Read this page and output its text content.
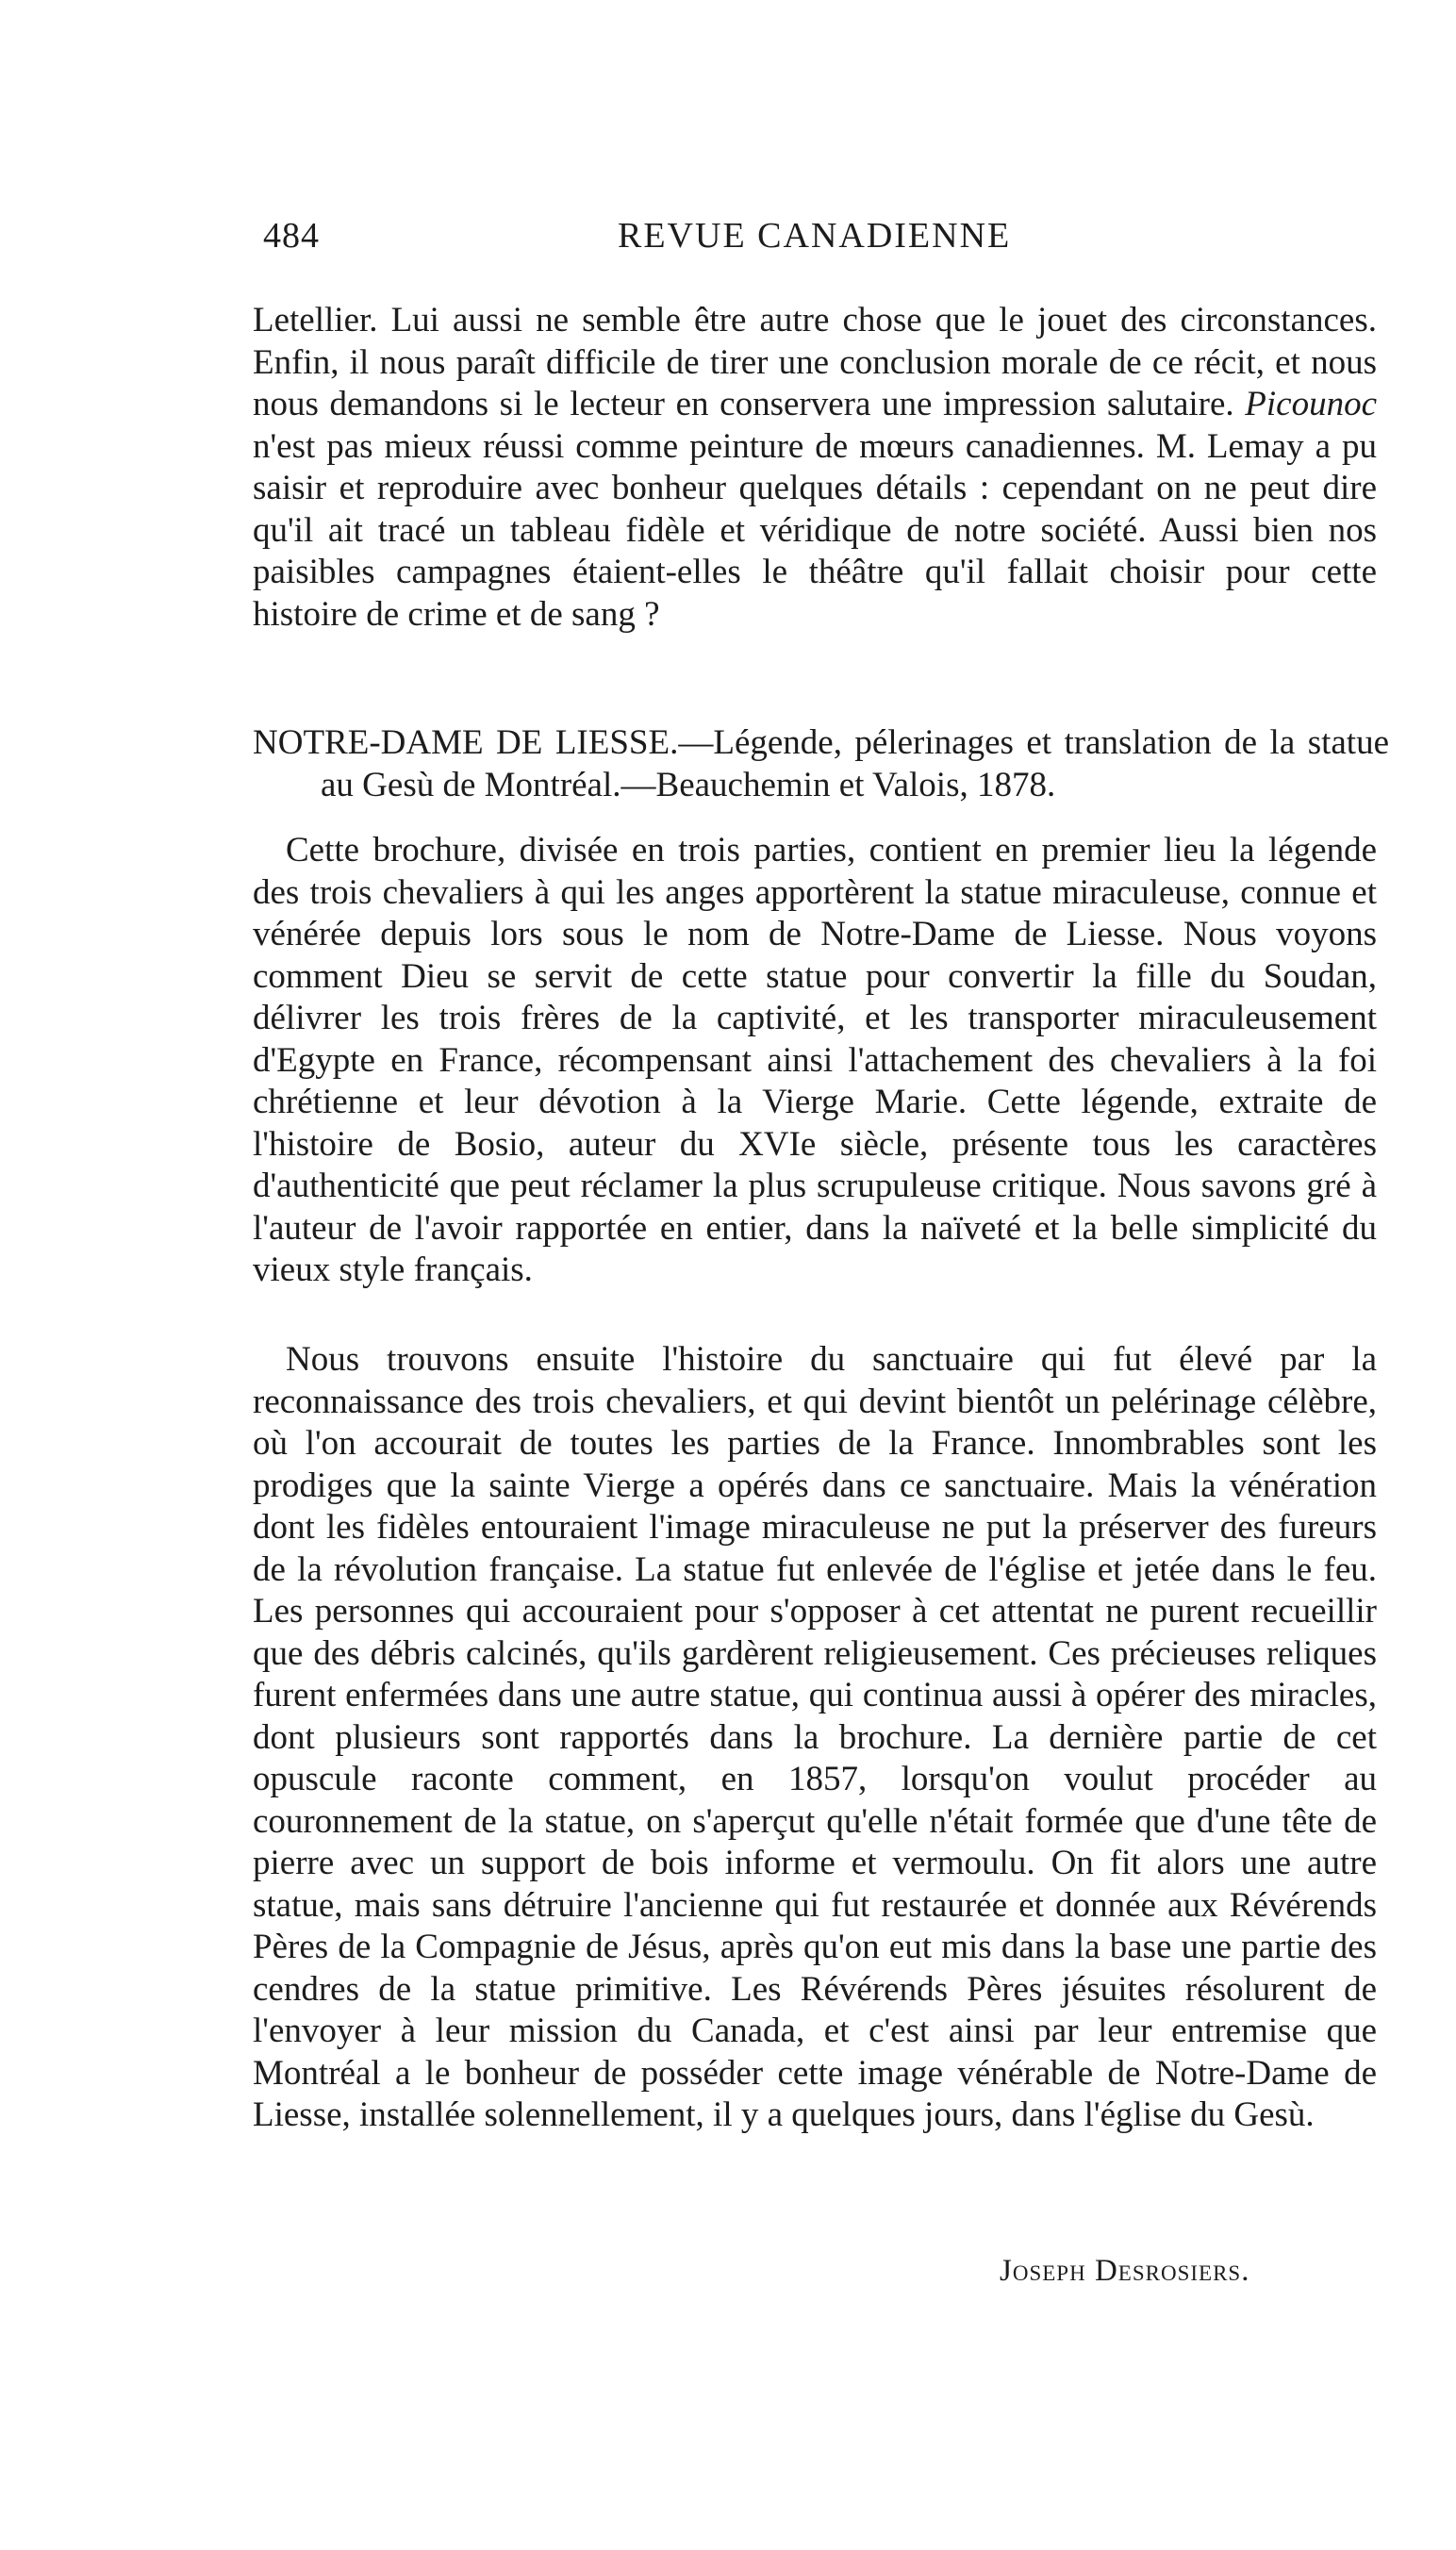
484	REVUE CANADIENNE

Letellier. Lui aussi ne semble être autre chose que le jouet des circonstances. Enfin, il nous paraît difficile de tirer une conclusion morale de ce récit, et nous nous demandons si le lecteur en conservera une impression salutaire. Picounoc n'est pas mieux réussi comme peinture de mœurs canadiennes. M. Lemay a pu saisir et reproduire avec bonheur quelques détails : cependant on ne peut dire qu'il ait tracé un tableau fidèle et véridique de notre société. Aussi bien nos paisibles campagnes étaient-elles le théâtre qu'il fallait choisir pour cette histoire de crime et de sang ?

NOTRE-DAME DE LIESSE.—Légende, pélerinages et translation de la statue au Gesù de Montréal.—Beauchemin et Valois, 1878.

Cette brochure, divisée en trois parties, contient en premier lieu la légende des trois chevaliers à qui les anges apportèrent la statue miraculeuse, connue et vénérée depuis lors sous le nom de Notre-Dame de Liesse. Nous voyons comment Dieu se servit de cette statue pour convertir la fille du Soudan, délivrer les trois frères de la captivité, et les transporter miraculeusement d'Egypte en France, récompensant ainsi l'attachement des chevaliers à la foi chrétienne et leur dévotion à la Vierge Marie. Cette légende, extraite de l'histoire de Bosio, auteur du XVIe siècle, présente tous les caractères d'authenticité que peut réclamer la plus scrupuleuse critique. Nous savons gré à l'auteur de l'avoir rapportée en entier, dans la naïveté et la belle simplicité du vieux style français.

Nous trouvons ensuite l'histoire du sanctuaire qui fut élevé par la reconnaissance des trois chevaliers, et qui devint bientôt un pelérinage célèbre, où l'on accourait de toutes les parties de la France. Innombrables sont les prodiges que la sainte Vierge a opérés dans ce sanctuaire. Mais la vénération dont les fidèles entouraient l'image miraculeuse ne put la préserver des fureurs de la révolution française. La statue fut enlevée de l'église et jetée dans le feu. Les personnes qui accouraient pour s'opposer à cet attentat ne purent recueillir que des débris calcinés, qu'ils gardèrent religieusement. Ces précieuses reliques furent enfermées dans une autre statue, qui continua aussi à opérer des miracles, dont plusieurs sont rapportés dans la brochure. La dernière partie de cet opuscule raconte comment, en 1857, lorsqu'on voulut procéder au couronnement de la statue, on s'aperçut qu'elle n'était formée que d'une tête de pierre avec un support de bois informe et vermoulu. On fit alors une autre statue, mais sans détruire l'ancienne qui fut restaurée et donnée aux Révérends Pères de la Compagnie de Jésus, après qu'on eut mis dans la base une partie des cendres de la statue primitive. Les Révérends Pères jésuites résolurent de l'envoyer à leur mission du Canada, et c'est ainsi par leur entremise que Montréal a le bonheur de posséder cette image vénérable de Notre-Dame de Liesse, installée solennellement, il y a quelques jours, dans l'église du Gesù.

Joseph Desrosiers.
